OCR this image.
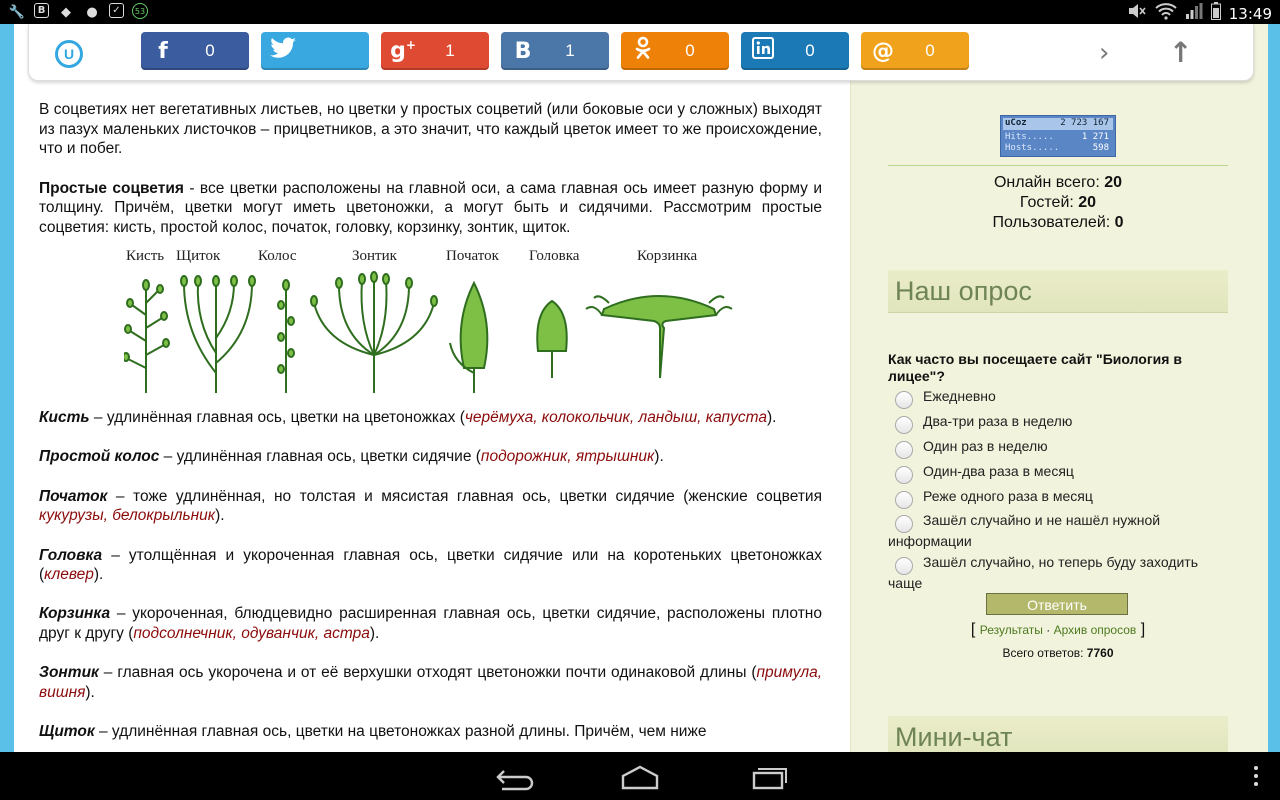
🔧	B	◆	●	✓	53	13:49
U	f	0	g+	1	B	1	0	0	@	0	› ↑

В соцветиях нет вегетативных листьев, но цветки у простых соцветий (или боковые оси у сложных) выходят из пазух маленьких листочков – прицветников, а это значит, что каждый цветок имеет то же происхождение, что и побег.

Простые соцветия - все цветки расположены на главной оси, а сама главная ось имеет разную форму и толщину. Причём, цветки могут иметь цветоножки, а могут быть и сидячими. Рассмотрим простые соцветия: кисть, простой колос, початок, головку, корзинку, зонтик, щиток.

Кисть Щиток	Колос	Зонтик	Початок Головка	Корзинка

Кисть – удлинённая главная ось, цветки на цветоножках (черёмуха, колокольчик, ландыш, капуста).

Простой колос – удлинённая главная ось, цветки сидячие (подорожник, ятрышник).

Початок – тоже удлинённая, но толстая и мясистая главная ось, цветки сидячие (женские соцветия кукурузы, белокрыльник).

Головка – утолщённая и укороченная главная ось, цветки сидячие или на коротеньких цветоножках (клевер).

Корзинка – укороченная, блюдцевидно расширенная главная ось, цветки сидячие, расположены плотно друг к другу (подсолнечник, одуванчик, астра).

Зонтик – главная ось укорочена и от её верхушки отходят цветоножки почти одинаковой длины (примула, вишня).

Щиток – удлинённая главная ось, цветки на цветоножках разной длины. Причём, чем ниже

uCoz	2 723 167
Hits.....	1 271
Hosts.....	598
Онлайн всего: 20
Гостей: 20
Пользователей: 0
Наш опрос
Как часто вы посещаете сайт "Биология в лицее"?
Ежедневно
Два-три раза в неделю
Один раз в неделю
Один-два раза в месяц
Реже одного раза в месяц
Зашёл случайно и не нашёл нужной информации
Зашёл случайно, но теперь буду заходить чаще
Ответить
[ Результаты · Архив опросов ]
Всего ответов: 7760
Мини-чат
